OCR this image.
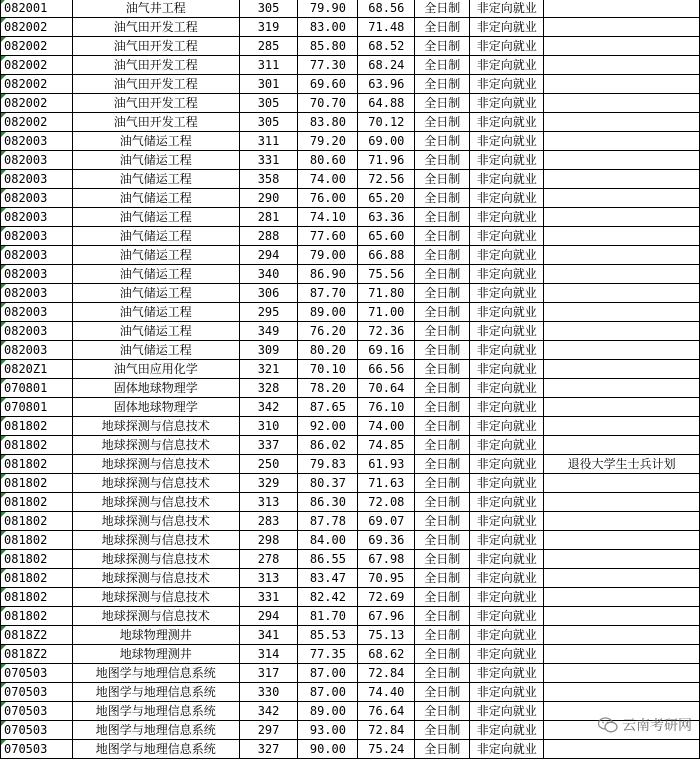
082001	油气井工程	305	79.90	68.56	全日制	非定向就业	
082002	油气田开发工程	319	83.00	71.48	全日制	非定向就业	
082002	油气田开发工程	285	85.80	68.52	全日制	非定向就业	
082002	油气田开发工程	311	77.30	68.24	全日制	非定向就业	
082002	油气田开发工程	301	69.60	63.96	全日制	非定向就业	
082002	油气田开发工程	305	70.70	64.88	全日制	非定向就业	
082002	油气田开发工程	305	83.80	70.12	全日制	非定向就业	
082003	油气储运工程	311	79.20	69.00	全日制	非定向就业	
082003	油气储运工程	331	80.60	71.96	全日制	非定向就业	
082003	油气储运工程	358	74.00	72.56	全日制	非定向就业	
082003	油气储运工程	290	76.00	65.20	全日制	非定向就业	
082003	油气储运工程	281	74.10	63.36	全日制	非定向就业	
082003	油气储运工程	288	77.60	65.60	全日制	非定向就业	
082003	油气储运工程	294	79.00	66.88	全日制	非定向就业	
082003	油气储运工程	340	86.90	75.56	全日制	非定向就业	
082003	油气储运工程	306	87.70	71.80	全日制	非定向就业	
082003	油气储运工程	295	89.00	71.00	全日制	非定向就业	
082003	油气储运工程	349	76.20	72.36	全日制	非定向就业	
082003	油气储运工程	309	80.20	69.16	全日制	非定向就业	
0820Z1	油气田应用化学	321	70.10	66.56	全日制	非定向就业	
070801	固体地球物理学	328	78.20	70.64	全日制	非定向就业	
070801	固体地球物理学	342	87.65	76.10	全日制	非定向就业	
081802	地球探测与信息技术	310	92.00	74.00	全日制	非定向就业	
081802	地球探测与信息技术	337	86.02	74.85	全日制	非定向就业	
081802	地球探测与信息技术	250	79.83	61.93	全日制	非定向就业	退役大学生士兵计划
081802	地球探测与信息技术	329	80.37	71.63	全日制	非定向就业	
081802	地球探测与信息技术	313	86.30	72.08	全日制	非定向就业	
081802	地球探测与信息技术	283	87.78	69.07	全日制	非定向就业	
081802	地球探测与信息技术	298	84.00	69.36	全日制	非定向就业	
081802	地球探测与信息技术	278	86.55	67.98	全日制	非定向就业	
081802	地球探测与信息技术	313	83.47	70.95	全日制	非定向就业	
081802	地球探测与信息技术	331	82.42	72.69	全日制	非定向就业	
081802	地球探测与信息技术	294	81.70	67.96	全日制	非定向就业	
0818Z2	地球物理测井	341	85.53	75.13	全日制	非定向就业	
0818Z2	地球物理测井	314	77.35	68.62	全日制	非定向就业	
070503	地图学与地理信息系统	317	87.00	72.84	全日制	非定向就业	
070503	地图学与地理信息系统	330	87.00	74.40	全日制	非定向就业	
070503	地图学与地理信息系统	342	89.00	76.64	全日制	非定向就业	
070503	地图学与地理信息系统	297	93.00	72.84	全日制	非定向就业	
070503	地图学与地理信息系统	327	90.00	75.24	全日制	非定向就业	
云南考研网
